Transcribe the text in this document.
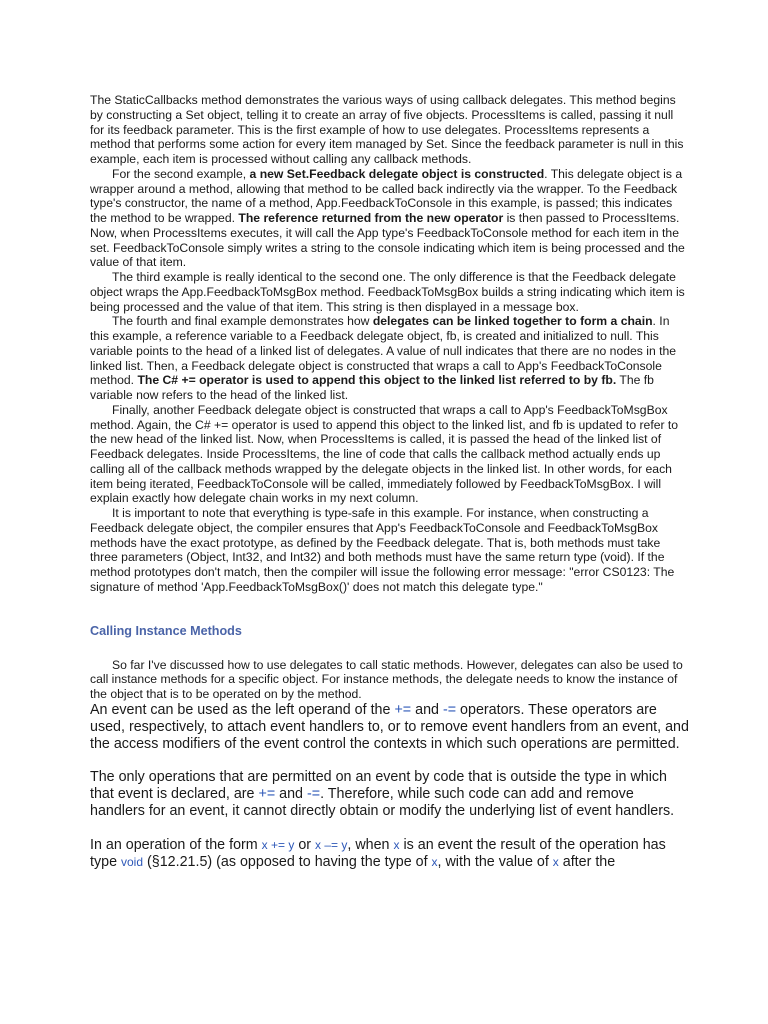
The StaticCallbacks method demonstrates the various ways of using callback delegates. This method begins by constructing a Set object, telling it to create an array of five objects. ProcessItems is called, passing it null for its feedback parameter. This is the first example of how to use delegates. ProcessItems represents a method that performs some action for every item managed by Set. Since the feedback parameter is null in this example, each item is processed without calling any callback methods.

For the second example, a new Set.Feedback delegate object is constructed. This delegate object is a wrapper around a method, allowing that method to be called back indirectly via the wrapper. To the Feedback type's constructor, the name of a method, App.FeedbackToConsole in this example, is passed; this indicates the method to be wrapped. The reference returned from the new operator is then passed to ProcessItems. Now, when ProcessItems executes, it will call the App type's FeedbackToConsole method for each item in the set. FeedbackToConsole simply writes a string to the console indicating which item is being processed and the value of that item.

The third example is really identical to the second one. The only difference is that the Feedback delegate object wraps the App.FeedbackToMsgBox method. FeedbackToMsgBox builds a string indicating which item is being processed and the value of that item. This string is then displayed in a message box.

The fourth and final example demonstrates how delegates can be linked together to form a chain. In this example, a reference variable to a Feedback delegate object, fb, is created and initialized to null. This variable points to the head of a linked list of delegates. A value of null indicates that there are no nodes in the linked list. Then, a Feedback delegate object is constructed that wraps a call to App's FeedbackToConsole method. The C# += operator is used to append this object to the linked list referred to by fb. The fb variable now refers to the head of the linked list.

Finally, another Feedback delegate object is constructed that wraps a call to App's FeedbackToMsgBox method. Again, the C# += operator is used to append this object to the linked list, and fb is updated to refer to the new head of the linked list. Now, when ProcessItems is called, it is passed the head of the linked list of Feedback delegates. Inside ProcessItems, the line of code that calls the callback method actually ends up calling all of the callback methods wrapped by the delegate objects in the linked list. In other words, for each item being iterated, FeedbackToConsole will be called, immediately followed by FeedbackToMsgBox. I will explain exactly how delegate chain works in my next column.

It is important to note that everything is type-safe in this example. For instance, when constructing a Feedback delegate object, the compiler ensures that App's FeedbackToConsole and FeedbackToMsgBox methods have the exact prototype, as defined by the Feedback delegate. That is, both methods must take three parameters (Object, Int32, and Int32) and both methods must have the same return type (void). If the method prototypes don't match, then the compiler will issue the following error message: "error CS0123: The signature of method 'App.FeedbackToMsgBox()' does not match this delegate type."

Calling Instance Methods

So far I've discussed how to use delegates to call static methods. However, delegates can also be used to call instance methods for a specific object. For instance methods, the delegate needs to know the instance of the object that is to be operated on by the method.

An event can be used as the left operand of the += and -= operators. These operators are used, respectively, to attach event handlers to, or to remove event handlers from an event, and the access modifiers of the event control the contexts in which such operations are permitted.

The only operations that are permitted on an event by code that is outside the type in which that event is declared, are += and -=. Therefore, while such code can add and remove handlers for an event, it cannot directly obtain or modify the underlying list of event handlers.

In an operation of the form x += y or x –= y, when x is an event the result of the operation has type void (§12.21.5) (as opposed to having the type of x, with the value of x after the
